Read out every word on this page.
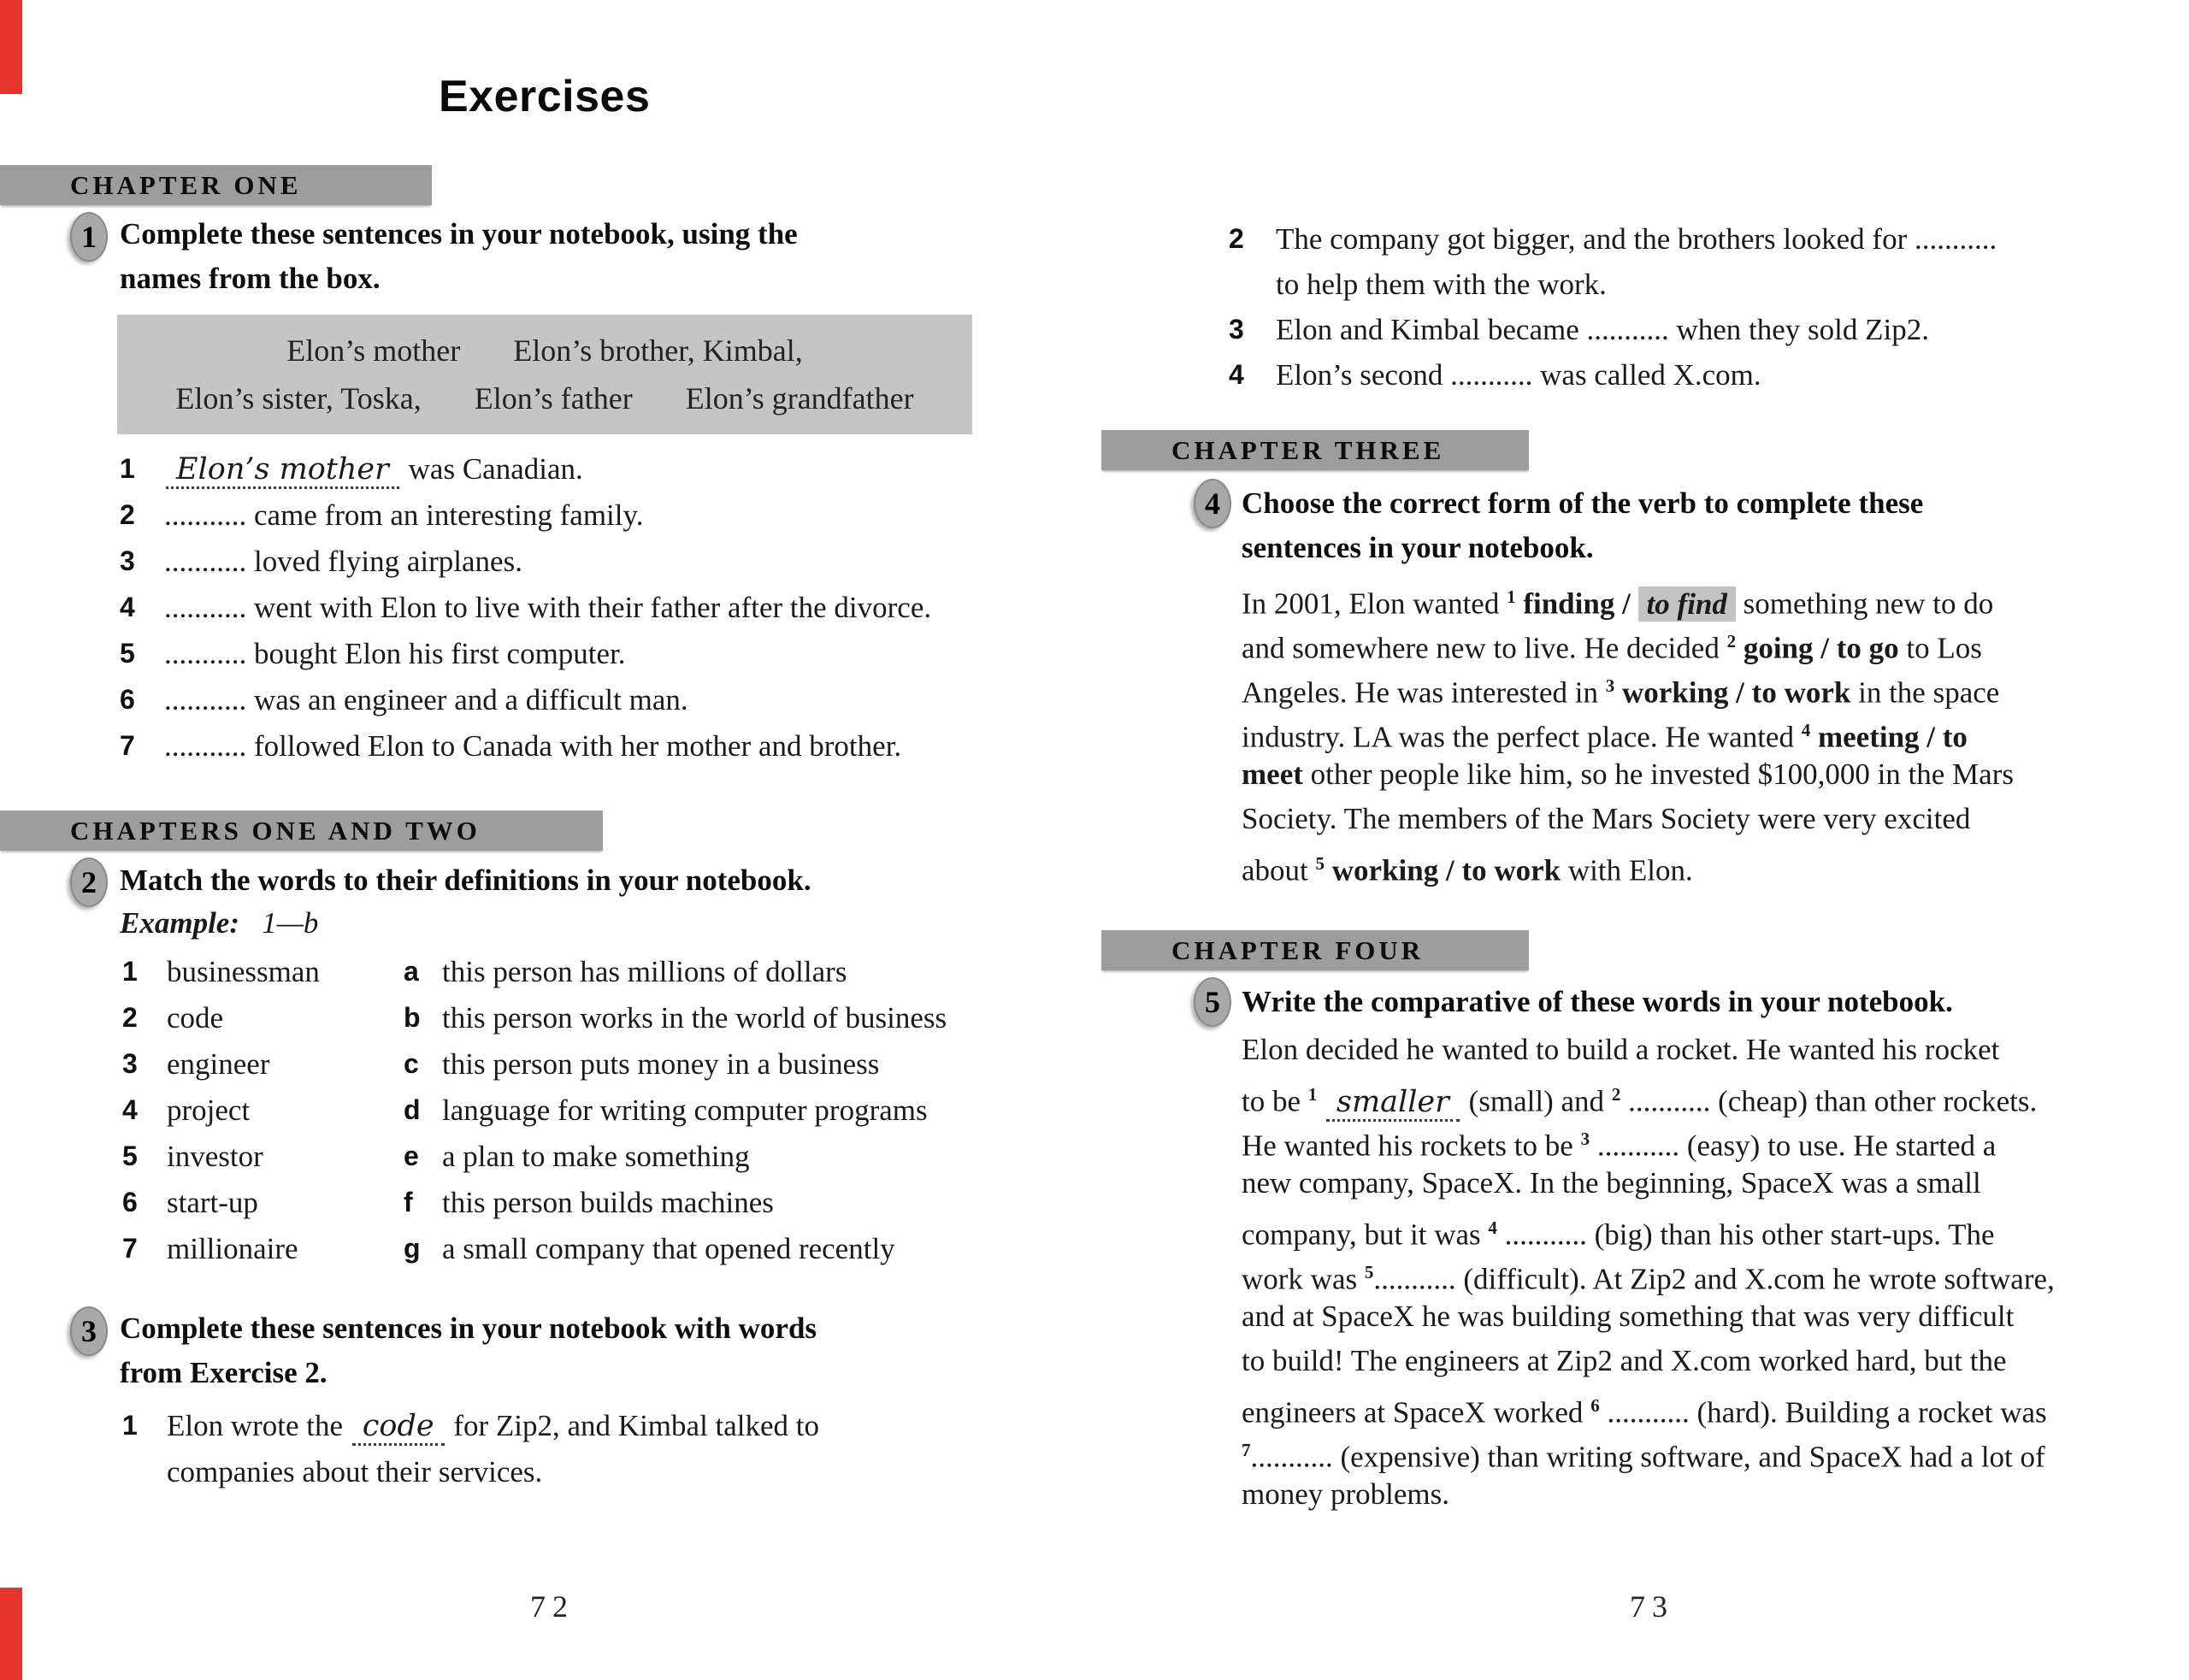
Exercises
CHAPTER ONE
1 Complete these sentences in your notebook, using the
names from the box.
Elon’s mother Elon’s brother, Kimbal,
Elon’s sister, Toska, Elon’s father Elon’s grandfather
1	Elon’s mother was Canadian.
2 ........... came from an interesting family.
3 ........... loved flying airplanes.
4 ........... went with Elon to live with their father after the divorce.
5 ........... bought Elon his first computer.
6 ........... was an engineer and a difficult man.
7 ........... followed Elon to Canada with her mother and brother.
CHAPTERS ONE AND TWO
2 Match the words to their definitions in your notebook.
Example: 1—b
1 businessman	a this person has millions of dollars
2 code	b this person works in the world of business
3 engineer	c this person puts money in a business
4 project	d language for writing computer programs
5 investor	e a plan to make something
6 start-up	f this person builds machines
7 millionaire	g a small company that opened recently
3 Complete these sentences in your notebook with words
from Exercise 2.
1 Elon wrote the code for Zip2, and Kimbal talked to
companies about their services.
72
2 The company got bigger, and the brothers looked for ...........
to help them with the work.
3 Elon and Kimbal became ........... when they sold Zip2.
4 Elon’s second ........... was called X.com.
CHAPTER THREE
4 Choose the correct form of the verb to complete these
sentences in your notebook.
In 2001, Elon wanted $^1$ finding / to find something new to do
and somewhere new to live. He decided $^2$ going / to go to Los
Angeles. He was interested in $^3$ working / to work in the space
industry. LA was the perfect place. He wanted $^4$ meeting / to
meet other people like him, so he invested $100,000 in the Mars
Society. The members of the Mars Society were very excited
about $^5$ working / to work with Elon.
CHAPTER FOUR
5 Write the comparative of these words in your notebook.
Elon decided he wanted to build a rocket. He wanted his rocket
to be $^1$ smaller (small) and $^2$ ........... (cheap) than other rockets.
He wanted his rockets to be $^3$ ........... (easy) to use. He started a
new company, SpaceX. In the beginning, SpaceX was a small
company, but it was $^4$ ........... (big) than his other start-ups. The
work was $^5$........... (difficult). At Zip2 and X.com he wrote software,
and at SpaceX he was building something that was very difficult
to build! The engineers at Zip2 and X.com worked hard, but the
engineers at SpaceX worked $^6$ ........... (hard). Building a rocket was
$^7$........... (expensive) than writing software, and SpaceX had a lot of
money problems.
73
